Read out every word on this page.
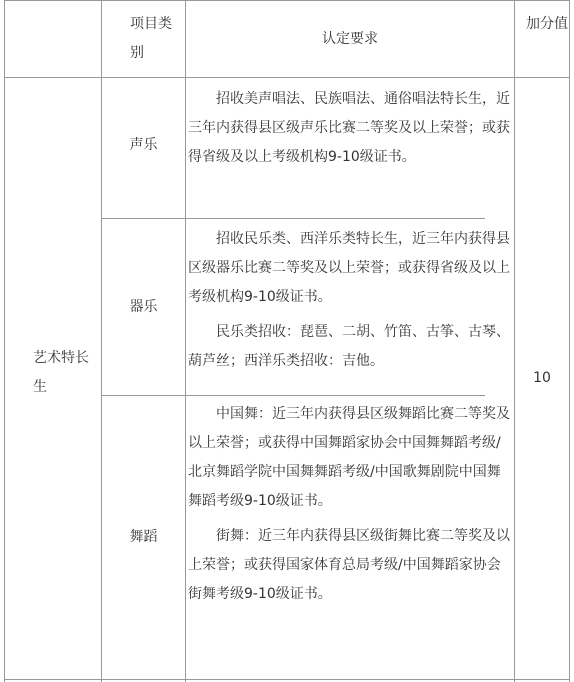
项目类别
认定要求
加分值
艺术特长生
声乐
器乐
舞蹈

招收美声唱法、民族唱法、通俗唱法特长生，近三年内获得县区级声乐比赛二等奖及以上荣誉；或获得省级及以上考级机构9-10级证书。

招收民乐类、西洋乐类特长生，近三年内获得县区级器乐比赛二等奖及以上荣誉；或获得省级及以上考级机构9-10级证书。

民乐类招收：琵琶、二胡、竹笛、古筝、古琴、葫芦丝；西洋乐类招收：吉他。

中国舞：近三年内获得县区级舞蹈比赛二等奖及以上荣誉；或获得中国舞蹈家协会中国舞舞蹈考级/北京舞蹈学院中国舞舞蹈考级/中国歌舞剧院中国舞舞蹈考级9-10级证书。

街舞：近三年内获得县区级街舞比赛二等奖及以上荣誉；或获得国家体育总局考级/中国舞蹈家协会街舞考级9-10级证书。

10
